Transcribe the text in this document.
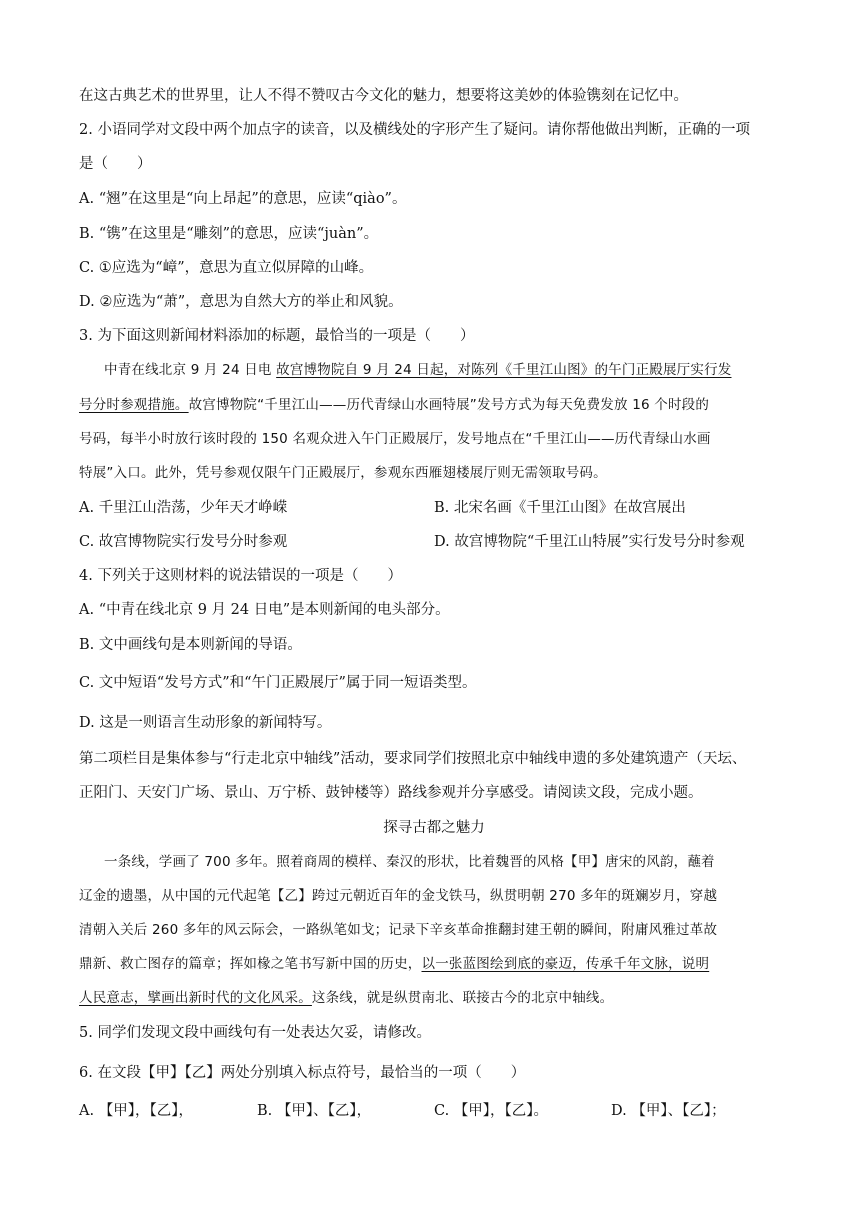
在这古典艺术的世界里，让人不得不赞叹古今文化的魅力，想要将这美妙的体验镌刻在记忆中。
2. 小语同学对文段中两个加点字的读音，以及横线处的字形产生了疑问。请你帮他做出判断，正确的一项
是（　　）
A. “翘”在这里是“向上昂起”的意思，应读“qiào”。
B. “镌”在这里是“雕刻”的意思，应读“juàn”。
C. ①应选为“嶂”，意思为直立似屏障的山峰。
D. ②应选为“萧”，意思为自然大方的举止和风貌。
3. 为下面这则新闻材料添加的标题，最恰当的一项是（　　）
中青在线北京 9 月 24 日电 故宫博物院自 9 月 24 日起，对陈列《千里江山图》的午门正殿展厅实行发
号分时参观措施。故宫博物院“千里江山——历代青绿山水画特展”发号方式为每天免费发放 16 个时段的
号码，每半小时放行该时段的 150 名观众进入午门正殿展厅，发号地点在“千里江山——历代青绿山水画
特展”入口。此外，凭号参观仅限午门正殿展厅，参观东西雁翅楼展厅则无需领取号码。
A. 千里江山浩荡，少年天才峥嵘	B. 北宋名画《千里江山图》在故宫展出
C. 故宫博物院实行发号分时参观	D. 故宫博物院“千里江山特展”实行发号分时参观
4. 下列关于这则材料的说法错误的一项是（　　）
A. “中青在线北京 9 月 24 日电”是本则新闻的电头部分。
B. 文中画线句是本则新闻的导语。
C. 文中短语“发号方式”和“午门正殿展厅”属于同一短语类型。
D. 这是一则语言生动形象的新闻特写。
第二项栏目是集体参与“行走北京中轴线”活动，要求同学们按照北京中轴线申遗的多处建筑遗产（天坛、
正阳门、天安门广场、景山、万宁桥、鼓钟楼等）路线参观并分享感受。请阅读文段，完成小题。
探寻古都之魅力
一条线，学画了 700 多年。照着商周的模样、秦汉的形状，比着魏晋的风格【甲】唐宋的风韵，蘸着
辽金的遗墨，从中国的元代起笔【乙】跨过元朝近百年的金戈铁马，纵贯明朝 270 多年的斑斓岁月，穿越
清朝入关后 260 多年的风云际会，一路纵笔如戈；记录下辛亥革命推翻封建王朝的瞬间，附庸风雅过革故
鼎新、救亡图存的篇章；挥如椽之笔书写新中国的历史，以一张蓝图绘到底的豪迈，传承千年文脉，说明
人民意志，擘画出新时代的文化风采。这条线，就是纵贯南北、联接古今的北京中轴线。
5. 同学们发现文段中画线句有一处表达欠妥，请修改。
6. 在文段【甲】【乙】两处分别填入标点符号，最恰当的一项（　　）
A. 【甲】，【乙】，	B. 【甲】、【乙】，	C. 【甲】，【乙】。	D. 【甲】、【乙】；
